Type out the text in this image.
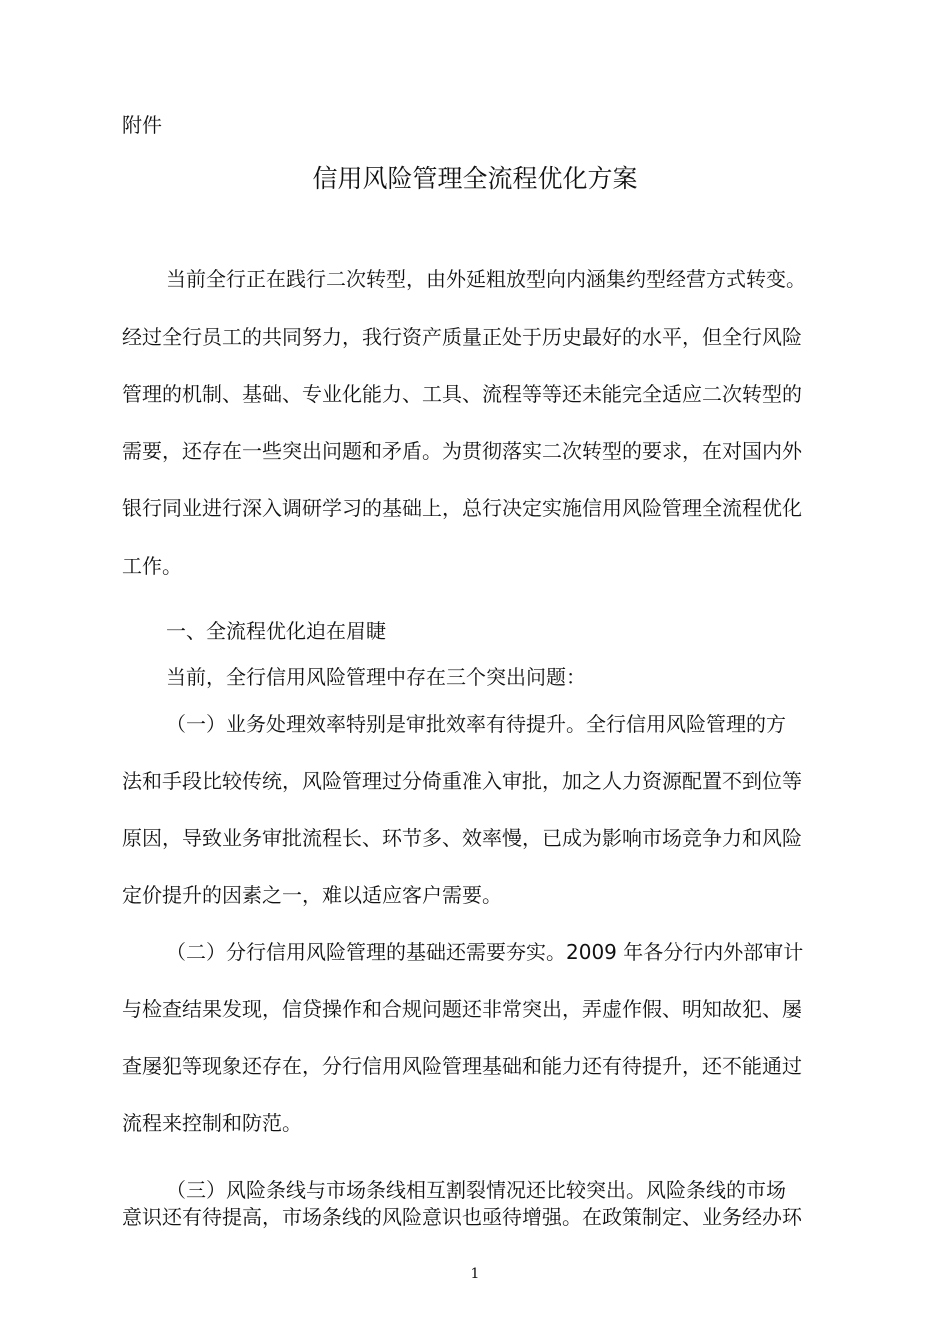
附件
信用风险管理全流程优化方案
当前全行正在践行二次转型，由外延粗放型向内涵集约型经营方式转变。
经过全行员工的共同努力，我行资产质量正处于历史最好的水平，但全行风险
管理的机制、基础、专业化能力、工具、流程等等还未能完全适应二次转型的
需要，还存在一些突出问题和矛盾。为贯彻落实二次转型的要求，在对国内外
银行同业进行深入调研学习的基础上，总行决定实施信用风险管理全流程优化
工作。
一、全流程优化迫在眉睫
当前，全行信用风险管理中存在三个突出问题：
（一）业务处理效率特别是审批效率有待提升。全行信用风险管理的方
法和手段比较传统，风险管理过分倚重准入审批，加之人力资源配置不到位等
原因，导致业务审批流程长、环节多、效率慢，已成为影响市场竞争力和风险
定价提升的因素之一，难以适应客户需要。
（二）分行信用风险管理的基础还需要夯实。2009 年各分行内外部审计
与检查结果发现，信贷操作和合规问题还非常突出，弄虚作假、明知故犯、屡
查屡犯等现象还存在，分行信用风险管理基础和能力还有待提升，还不能通过
流程来控制和防范。
（三）风险条线与市场条线相互割裂情况还比较突出。风险条线的市场
意识还有待提高，市场条线的风险意识也亟待增强。在政策制定、业务经办环
1
